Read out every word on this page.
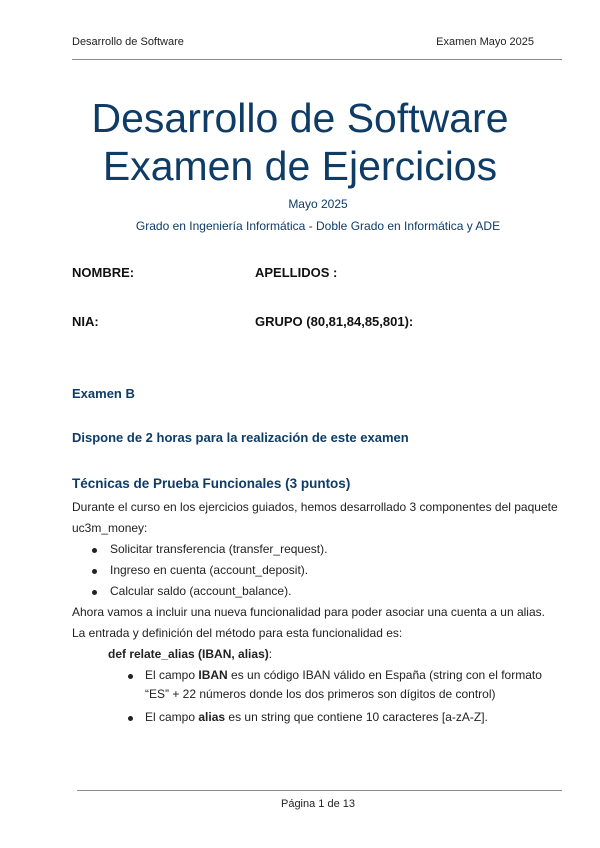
Desarrollo de Software	Examen Mayo 2025
Desarrollo de Software
Examen de Ejercicios
Mayo 2025
Grado en Ingeniería Informática - Doble Grado en Informática y ADE
NOMBRE:	APELLIDOS :
NIA:	GRUPO (80,81,84,85,801):
Examen B
Dispone de 2 horas para la realización de este examen
Técnicas de Prueba Funcionales (3 puntos)
Durante el curso en los ejercicios guiados, hemos desarrollado 3 componentes del paquete
uc3m_money:
Solicitar transferencia (transfer_request).
Ingreso en cuenta (account_deposit).
Calcular saldo (account_balance).
Ahora vamos a incluir una nueva funcionalidad para poder asociar una cuenta a un alias.
La entrada y definición del método para esta funcionalidad es:
def relate_alias (IBAN, alias):
El campo IBAN es un código IBAN válido en España (string con el formato
“ES” + 22 números donde los dos primeros son dígitos de control)
El campo alias es un string que contiene 10 caracteres [a-zA-Z].
Página 1 de 13
